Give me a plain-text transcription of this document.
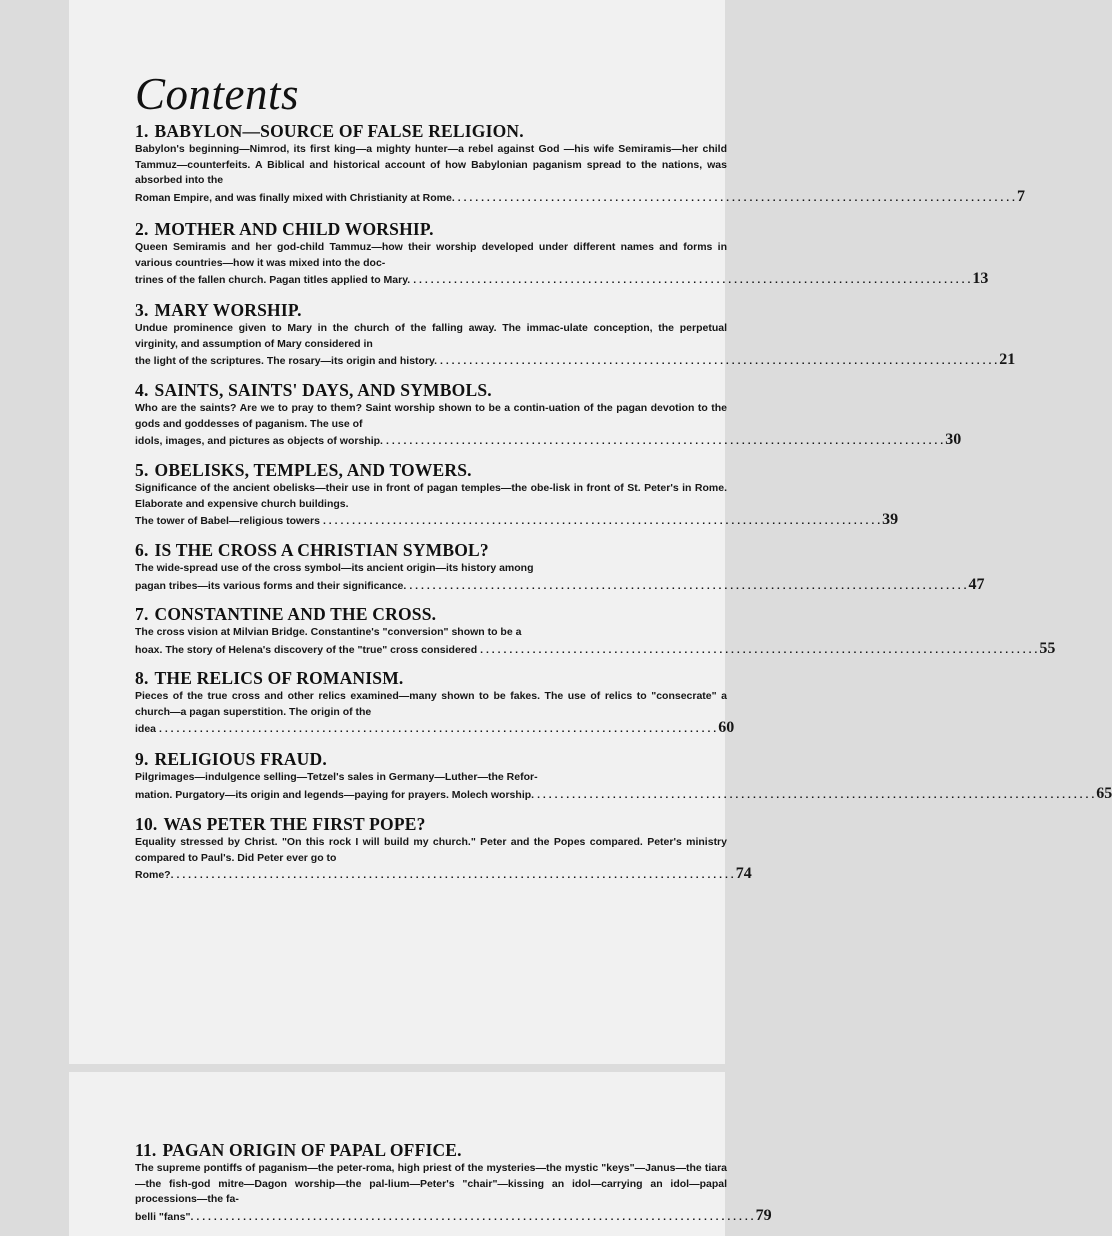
Contents
1. BABYLON—SOURCE OF FALSE RELIGION.
Babylon's beginning—Nimrod, its first king—a mighty hunter—a rebel against God —his wife Semiramis—her child Tammuz—counterfeits. A Biblical and historical account of how Babylonian paganism spread to the nations, was absorbed into the
Roman Empire, and was finally mixed with Christianity at Rome. . . .	7
2. MOTHER AND CHILD WORSHIP.
Queen Semiramis and her god-child Tammuz—how their worship developed under different names and forms in various countries—how it was mixed into the doc-
trines of the fallen church. Pagan titles applied to Mary. . . .	13
3. MARY WORSHIP.
Undue prominence given to Mary in the church of the falling away. The immac-ulate conception, the perpetual virginity, and assumption of Mary considered in
the light of the scriptures. The rosary—its origin and history. . . .	21
4. SAINTS, SAINTS' DAYS, AND SYMBOLS.
Who are the saints? Are we to pray to them? Saint worship shown to be a contin-uation of the pagan devotion to the gods and goddesses of paganism. The use of
idols, images, and pictures as objects of worship. . . .	30
5. OBELISKS, TEMPLES, AND TOWERS.
Significance of the ancient obelisks—their use in front of pagan temples—the obe-lisk in front of St. Peter's in Rome. Elaborate and expensive church buildings.
The tower of Babel—religious towers . . .	39
6. IS THE CROSS A CHRISTIAN SYMBOL?
The wide-spread use of the cross symbol—its ancient origin—its history among
pagan tribes—its various forms and their significance. . . .	47
7. CONSTANTINE AND THE CROSS.
The cross vision at Milvian Bridge. Constantine's "conversion" shown to be a
hoax. The story of Helena's discovery of the "true" cross considered . . .	55
8. THE RELICS OF ROMANISM.
Pieces of the true cross and other relics examined—many shown to be fakes. The use of relics to "consecrate" a church—a pagan superstition. The origin of the
idea . . .	60
9. RELIGIOUS FRAUD.
Pilgrimages—indulgence selling—Tetzel's sales in Germany—Luther—the Refor-
mation. Purgatory—its origin and legends—paying for prayers. Molech worship. . . .	65
10. WAS PETER THE FIRST POPE?
Equality stressed by Christ. "On this rock I will build my church." Peter and the Popes compared. Peter's ministry compared to Paul's. Did Peter ever go to
Rome?. . . .	74
11. PAGAN ORIGIN OF PAPAL OFFICE.
The supreme pontiffs of paganism—the peter-roma, high priest of the mysteries—the mystic "keys"—Janus—the tiara—the fish-god mitre—Dagon worship—the pal-lium—Peter's "chair"—kissing an idol—carrying an idol—papal processions—the fa-
belli "fans". . . .	79
